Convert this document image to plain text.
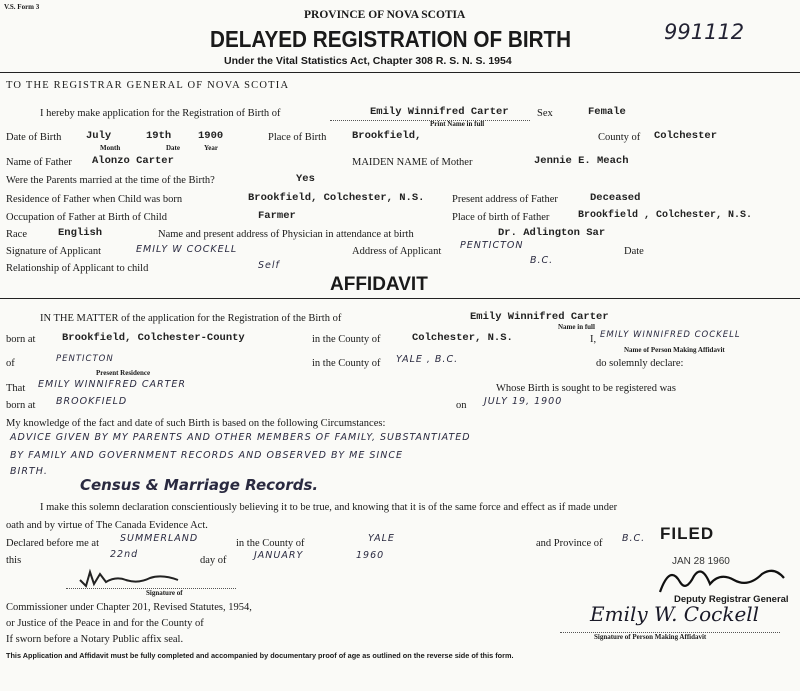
V.S. Form 3
PROVINCE OF NOVA SCOTIA
991112
DELAYED REGISTRATION OF BIRTH
Under the Vital Statistics Act, Chapter 308 R. S. N. S. 1954
TO THE REGISTRAR GENERAL OF NOVA SCOTIA
I hereby make application for the Registration of Birth of	Emily Winnifred Carter
Print Name in full
Sex	Female
Date of Birth July	19th	1900
Month	Date	Year
Place of Birth Brookfield,	County of Colchester
Name of Father Alonzo Carter	MAIDEN NAME of Mother	Jennie E. Meach
Were the Parents married at the time of the Birth?	Yes
Residence of Father when Child was born	Brookfield, Colchester, N.S.	Present address of Father	Deceased
Occupation of Father at Birth of Child	Farmer	Place of birth of Father	Brookfield , Colchester, N.S.
Race	English	Name and present address of Physician in attendance at birth	Dr. Adlington Sar
Signature of Applicant	EMILY W COCKELL	Address of Applicant
PENTICTON
B.C.
Date
Relationship of Applicant to child	Self
AFFIDAVIT
IN THE MATTER of the application for the Registration of the Birth of	Emily Winnifred Carter
Name in full
born at	Brookfield, Colchester-County	in the County of	Colchester, N.S.	I, EMILY WINNIFRED COCKELL
Name of Person Making Affidavit
of	PENTICTON
Present Residence
in the County of YALE , B.C.	do solemnly declare:
That EMILY WINNIFRED CARTER	Whose Birth is sought to be registered was
born at BROOKFIELD	on JULY 19, 1900
My knowledge of the fact and date of such Birth is based on the following Circumstances:
ADVICE GIVEN BY MY PARENTS AND OTHER MEMBERS OF FAMILY, SUBSTANTIATED
BY FAMILY AND GOVERNMENT RECORDS AND OBSERVED BY ME SINCE
BIRTH.
Census & Marriage Records.
I make this solemn declaration conscientiously believing it to be true, and knowing that it is of the same force and effect as if made under
oath and by virtue of The Canada Evidence Act.
Declared before me at SUMMERLAND	in the County of	YALE	and Province of B.C. FILED
this
22nd
day of	JANUARY	1960
JAN 28 1960
Signature of
Commissioner under Chapter 201, Revised Statutes, 1954,
or Justice of the Peace in and for the County of
If sworn before a Notary Public affix seal.
Deputy Registrar General
Emily W. Cockell
Signature of Person Making Affidavit
This Application and Affidavit must be fully completed and accompanied by documentary proof of age as outlined on the reverse side of this form.
